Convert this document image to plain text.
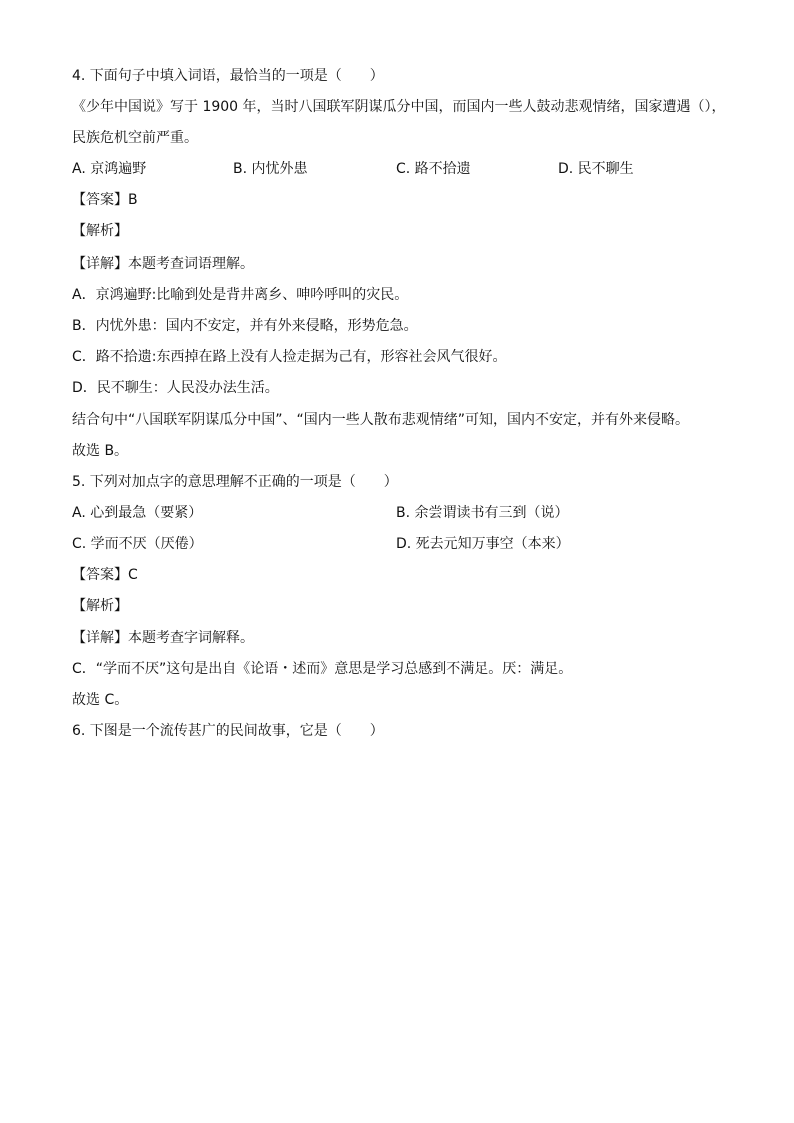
4. 下面句子中填入词语，最恰当的一项是（　　）
《少年中国说》写于 1900 年，当时八国联军阴谋瓜分中国，而国内一些人鼓动悲观情绪，国家遭遇（），
民族危机空前严重。
A. 京鸿遍野	B. 内忧外患	C. 路不拾遗	D. 民不聊生
【答案】B
【解析】
【详解】本题考查词语理解。
A．京鸿遍野:比喻到处是背井离乡、呻吟呼叫的灾民。
B．内忧外患：国内不安定，并有外来侵略，形势危急。
C．路不拾遗:东西掉在路上没有人捡走据为己有，形容社会风气很好。
D．民不聊生：人民没办法生活。
结合句中“八国联军阴谋瓜分中国”、“国内一些人散布悲观情绪”可知，国内不安定，并有外来侵略。
故选 B。
5. 下列对加点字的意思理解不正确的一项是（　　）
A. 心到最急（要紧）	B. 余尝谓读书有三到（说）
C. 学而不厌（厌倦）	D. 死去元知万事空（本来）
【答案】C
【解析】
【详解】本题考查字词解释。
C．“学而不厌”这句是出自《论语・述而》意思是学习总感到不满足。厌：满足。
故选 C。
6. 下图是一个流传甚广的民间故事，它是（　　）
